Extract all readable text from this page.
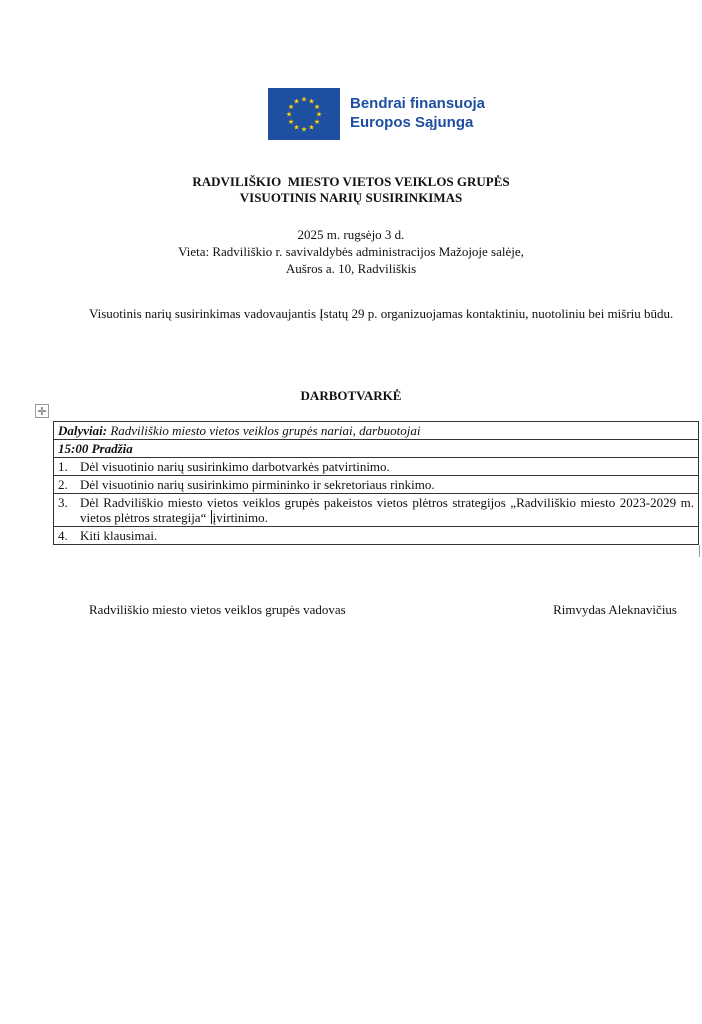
★ ★
★
★
★
★
★
★
★
★
★
★	Bendrai finansuoja
Europos Sąjunga
RADVILIŠKIO  MIESTO VIETOS VEIKLOS GRUPĖS
VISUOTINIS NARIŲ SUSIRINKIMAS
2025 m. rugsėjo 3 d.
Vieta: Radviliškio r. savivaldybės administracijos Mažojoje salėje,
Aušros a. 10, Radviliškis
Visuotinis narių susirinkimas vadovaujantis Įstatų 29 p. organizuojamas kontaktiniu, nuotoliniu bei mišriu būdu.
DARBOTVARKĖ
✛
Dalyviai: Radviliškio miesto vietos veiklos grupės nariai, darbuotojai
15:00 Pradžia

1. Dėl visuotinio narių susirinkimo darbotvarkės patvirtinimo.

2. Dėl visuotinio narių susirinkimo pirmininko ir sekretoriaus rinkimo.

3. Dėl Radviliškio miesto vietos veiklos grupės pakeistos vietos plėtros strategijos „Radviliškio miesto 2023-2029 m. vietos plėtros strategija“ įvirtinimo.

4. Kiti klausimai.
Radviliškio miesto vietos veiklos grupės vadovas	Rimvydas Aleknavičius
